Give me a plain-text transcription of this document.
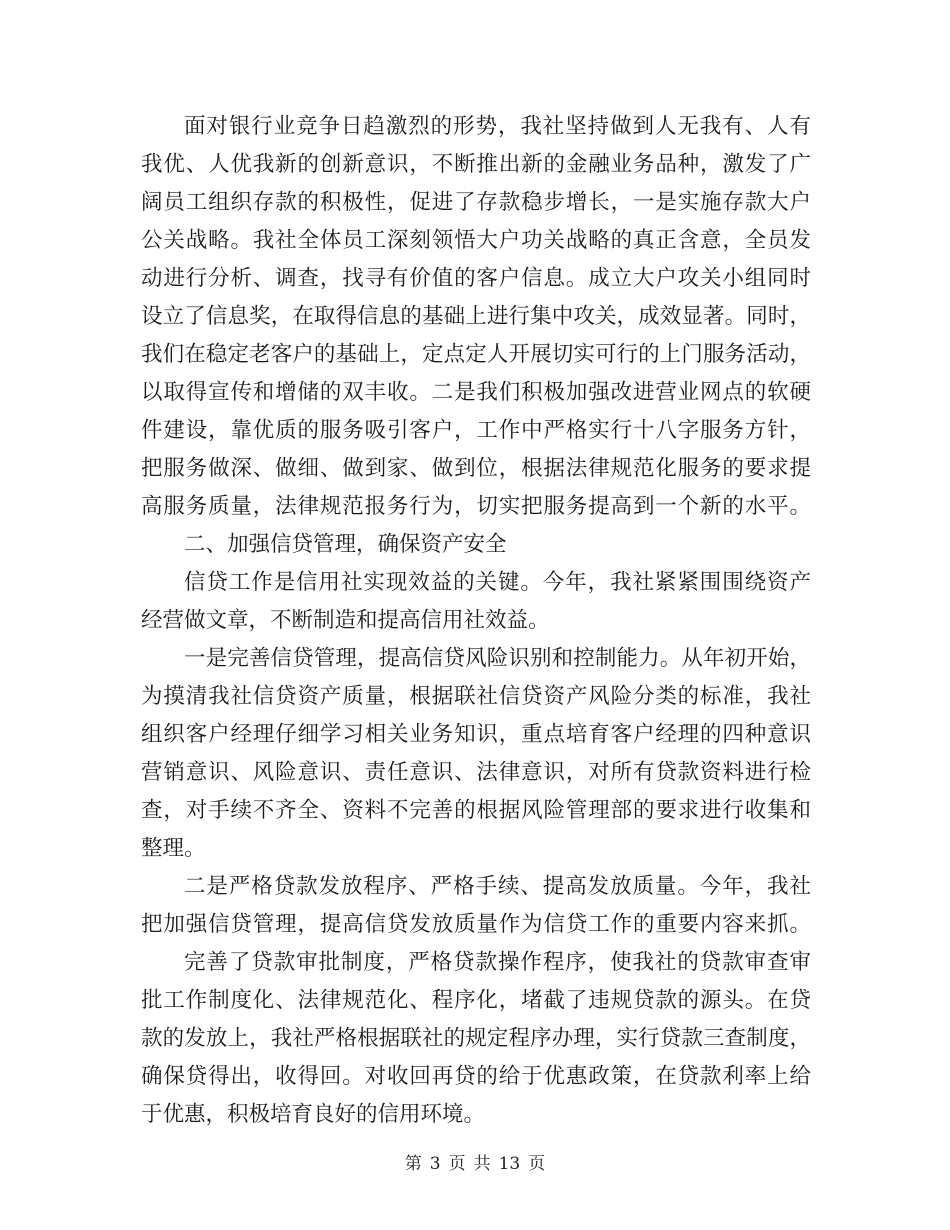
面对银行业竞争日趋激烈的形势，我社坚持做到人无我有、人有
我优、人优我新的创新意识，不断推出新的金融业务品种，激发了广
阔员工组织存款的积极性，促进了存款稳步增长，一是实施存款大户
公关战略。我社全体员工深刻领悟大户功关战略的真正含意，全员发
动进行分析、调查，找寻有价值的客户信息。成立大户攻关小组同时
设立了信息奖，在取得信息的基础上进行集中攻关，成效显著。同时，
我们在稳定老客户的基础上，定点定人开展切实可行的上门服务活动，
以取得宣传和增储的双丰收。二是我们积极加强改进营业网点的软硬
件建设，靠优质的服务吸引客户，工作中严格实行十八字服务方针，
把服务做深、做细、做到家、做到位，根据法律规范化服务的要求提
高服务质量，法律规范报务行为，切实把服务提高到一个新的水平。
二、加强信贷管理，确保资产安全
信贷工作是信用社实现效益的关键。今年，我社紧紧围围绕资产
经营做文章，不断制造和提高信用社效益。
一是完善信贷管理，提高信贷风险识别和控制能力。从年初开始，
为摸清我社信贷资产质量，根据联社信贷资产风险分类的标准，我社
组织客户经理仔细学习相关业务知识，重点培育客户经理的四种意识
营销意识、风险意识、责任意识、法律意识，对所有贷款资料进行检
查，对手续不齐全、资料不完善的根据风险管理部的要求进行收集和
整理。
二是严格贷款发放程序、严格手续、提高发放质量。今年，我社
把加强信贷管理，提高信贷发放质量作为信贷工作的重要内容来抓。
完善了贷款审批制度，严格贷款操作程序，使我社的贷款审查审
批工作制度化、法律规范化、程序化，堵截了违规贷款的源头。在贷
款的发放上，我社严格根据联社的规定程序办理，实行贷款三查制度，
确保贷得出，收得回。对收回再贷的给于优惠政策，在贷款利率上给
于优惠，积极培育良好的信用环境。
第 3 页 共 13 页
